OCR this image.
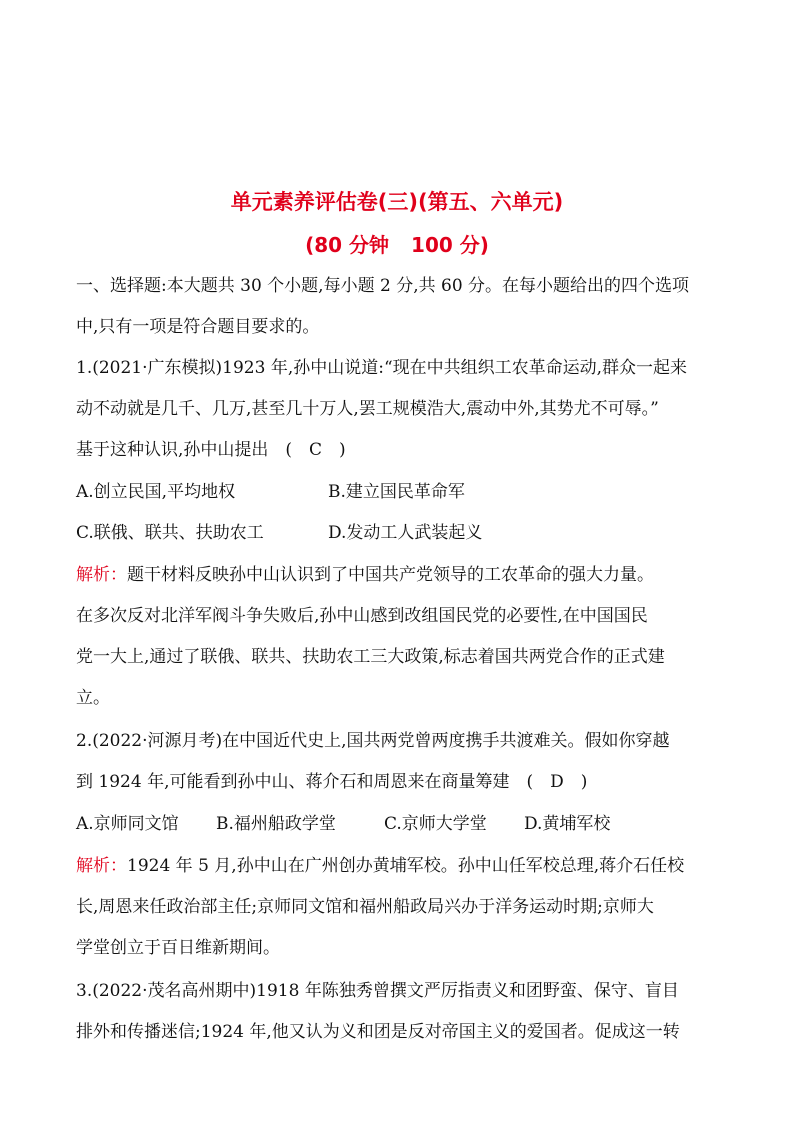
单元素养评估卷(三)(第五、六单元)
(80 分钟 100 分)
一、选择题:本大题共 30 个小题,每小题 2 分,共 60 分。在每小题给出的四个选项
中,只有一项是符合题目要求的。
1.(2021·广东模拟)1923 年,孙中山说道:“现在中共组织工农革命运动,群众一起来
动不动就是几千、几万,甚至几十万人,罢工规模浩大,震动中外,其势尤不可辱。”
基于这种认识,孙中山提出　(　C　)
A.创立民国,平均地权	B.建立国民革命军
C.联俄、联共、扶助农工	D.发动工人武装起义
解析：题干材料反映孙中山认识到了中国共产党领导的工农革命的强大力量。
在多次反对北洋军阀斗争失败后,孙中山感到改组国民党的必要性,在中国国民
党一大上,通过了联俄、联共、扶助农工三大政策,标志着国共两党合作的正式建
立。
2.(2022·河源月考)在中国近代史上,国共两党曾两度携手共渡难关。假如你穿越
到 1924 年,可能看到孙中山、蒋介石和周恩来在商量筹建　(　D　)
A.京师同文馆 B.福州船政学堂	C.京师大学堂 D.黄埔军校
解析：1924 年 5 月,孙中山在广州创办黄埔军校。孙中山任军校总理,蒋介石任校
长,周恩来任政治部主任;京师同文馆和福州船政局兴办于洋务运动时期;京师大
学堂创立于百日维新期间。
3.(2022·茂名高州期中)1918 年陈独秀曾撰文严厉指责义和团野蛮、保守、盲目
排外和传播迷信;1924 年,他又认为义和团是反对帝国主义的爱国者。促成这一转
